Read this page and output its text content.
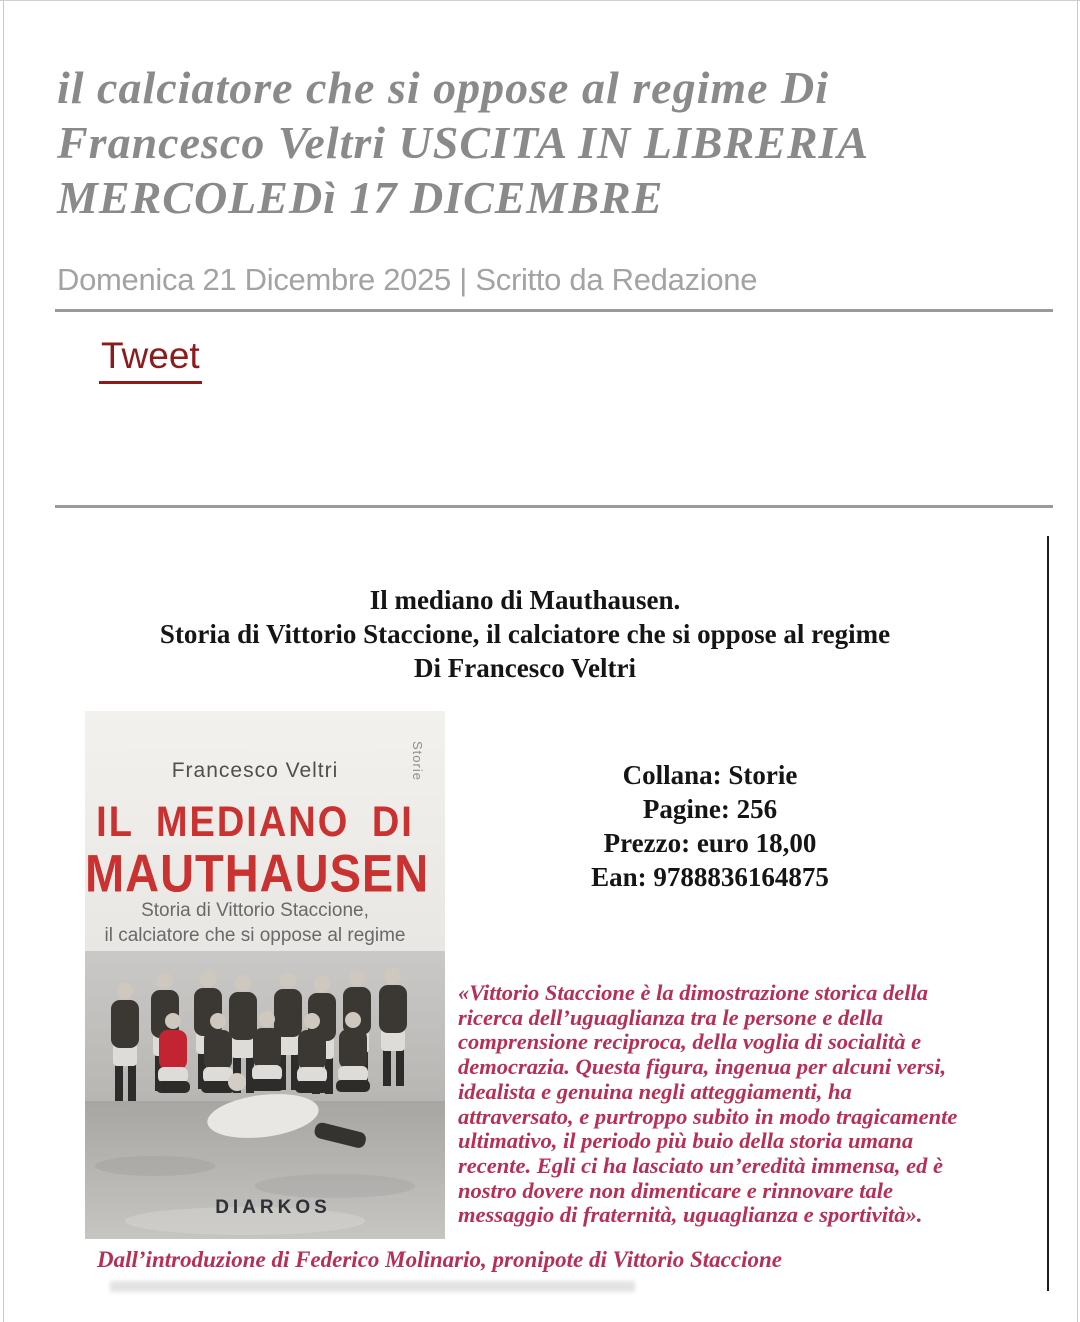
il calciatore che si oppose al regime Di
Francesco Veltri USCITA IN LIBRERIA
MERCOLEDì 17 DICEMBRE

Domenica 21 Dicembre 2025 | Scritto da Redazione

Tweet
Il mediano di Mauthausen.
Storia di Vittorio Staccione, il calciatore che si oppose al regime
Di Francesco Veltri
Francesco Veltri	Storie
IL MEDIANO DI
MAUTHAUSEN
Storia di Vittorio Staccione,
il calciatore che si oppose al regime
DIARKOS
Collana: Storie
Pagine: 256
Prezzo: euro 18,00
Ean: 9788836164875
«Vittorio Staccione è la dimostrazione storica della ricerca dell’uguaglianza tra le persone e della comprensione reciproca, della voglia di socialità e democrazia. Questa figura, ingenua per alcuni versi, idealista e genuina negli atteggiamenti, ha attraversato, e purtroppo subito in modo tragicamente ultimativo, il periodo più buio della storia umana recente. Egli ci ha lasciato un’eredità immensa, ed è nostro dovere non dimenticare e rinnovare tale messaggio di fraternità, uguaglianza e sportività».
Dall’introduzione di Federico Molinario, pronipote di Vittorio Staccione
